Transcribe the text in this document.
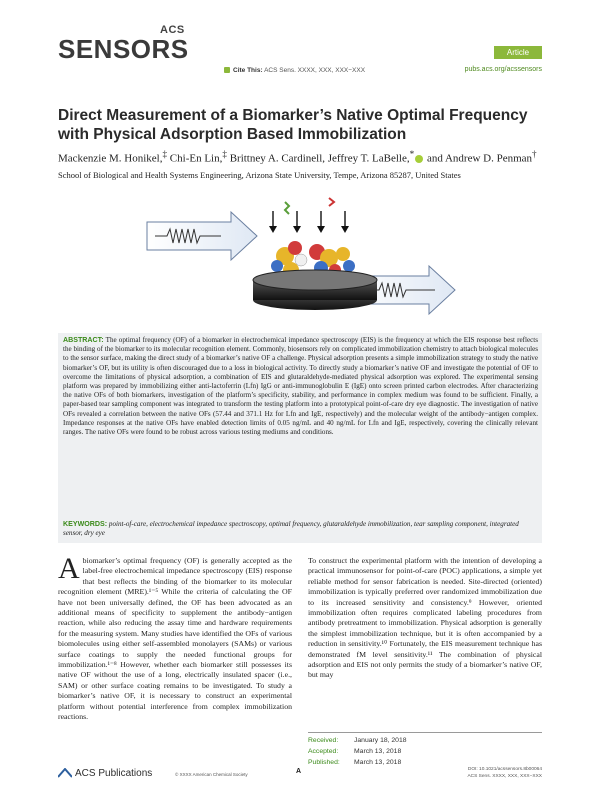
ACS
SENSORS	Article
Cite This: ACS Sens. XXXX, XXX, XXX−XXX	pubs.acs.org/acssensors
Direct Measurement of a Biomarker’s Native Optimal Frequency with Physical Adsorption Based Immobilization
Mackenzie M. Honikel,‡ Chi-En Lin,‡ Brittney A. Cardinell, Jeffrey T. LaBelle,* and Andrew D. Penman†
School of Biological and Health Systems Engineering, Arizona State University, Tempe, Arizona 85287, United States
ABSTRACT: The optimal frequency (OF) of a biomarker in electrochemical impedance spectroscopy (EIS) is the frequency at which the EIS response best reflects the binding of the biomarker to its molecular recognition element. Commonly, biosensors rely on complicated immobilization chemistry to attach biological molecules to the sensor surface, making the direct study of a biomarker’s native OF a challenge. Physical adsorption presents a simple immobilization strategy to study the native biomarker’s OF, but its utility is often discouraged due to a loss in biological activity. To directly study a biomarker’s native OF and investigate the potential of OF to overcome the limitations of physical adsorption, a combination of EIS and glutaraldehyde-mediated physical adsorption was explored. The experimental sensing platform was prepared by immobilizing either anti-lactoferrin (Lfn) IgG or anti-immunoglobulin E (IgE) onto screen printed carbon electrodes. After characterizing the native OFs of both biomarkers, investigation of the platform’s specificity, stability, and performance in complex medium was found to be sufficient. Finally, a paper-based tear sampling component was integrated to transform the testing platform into a prototypical point-of-care dry eye diagnostic. The investigation of native OFs revealed a correlation between the native OFs (57.44 and 371.1 Hz for Lfn and IgE, respectively) and the molecular weight of the antibody−antigen complex. Impedance responses at the native OFs have enabled detection limits of 0.05 ng/mL and 40 ng/mL for Lfn and IgE, respectively, covering the clinically relevant ranges. The native OFs were found to be robust across various testing mediums and conditions.
KEYWORDS: point-of-care, electrochemical impedance spectroscopy, optimal frequency, glutaraldehyde immobilization, tear sampling component, integrated sensor, dry eye
A biomarker’s optimal frequency (OF) is generally accepted as the label-free electrochemical impedance spectroscopy (EIS) response that best reflects the binding of the biomarker to its molecular recognition element (MRE).¹⁻⁵ While the criteria of calculating the OF have not been universally defined, the OF has been advocated as an additional means of specificity to supplement the antibody−antigen reaction, while also reducing the assay time and hardware requirements for the measuring system. Many studies have identified the OFs of various biomolecules using either self-assembled monolayers (SAMs) or various surface coatings to supply the needed functional groups for immobilization.¹⁻⁸ However, whether each biomarker still possesses its native OF without the use of a long, electrically insulated spacer (i.e., SAM) or other surface coating remains to be investigated. To study a biomarker’s native OF, it is necessary to construct an experimental platform without potential interference from complex immobilization reactions.
To construct the experimental platform with the intention of developing a practical immunosensor for point-of-care (POC) applications, a simple yet reliable method for sensor fabrication is needed. Site-directed (oriented) immobilization is typically preferred over randomized immobilization due to its increased sensitivity and consistency.⁹ However, oriented immobilization often requires complicated labeling procedures from antibody pretreatment to immobilization. Physical adsorption is generally the simplest immobilization technique, but it is often accompanied by a reduction in sensitivity.¹⁰ Fortunately, the EIS measurement technique has demonstrated fM level sensitivity.¹¹ The combination of physical adsorption and EIS not only permits the study of a biomarker’s native OF, but may
Received: January 18, 2018
Accepted: March 13, 2018
Published: March 13, 2018
ACS Publications	© XXXX American Chemical Society	A	DOI: 10.1021/acssensors.8b00064
ACS Sens. XXXX, XXX, XXX−XXX
